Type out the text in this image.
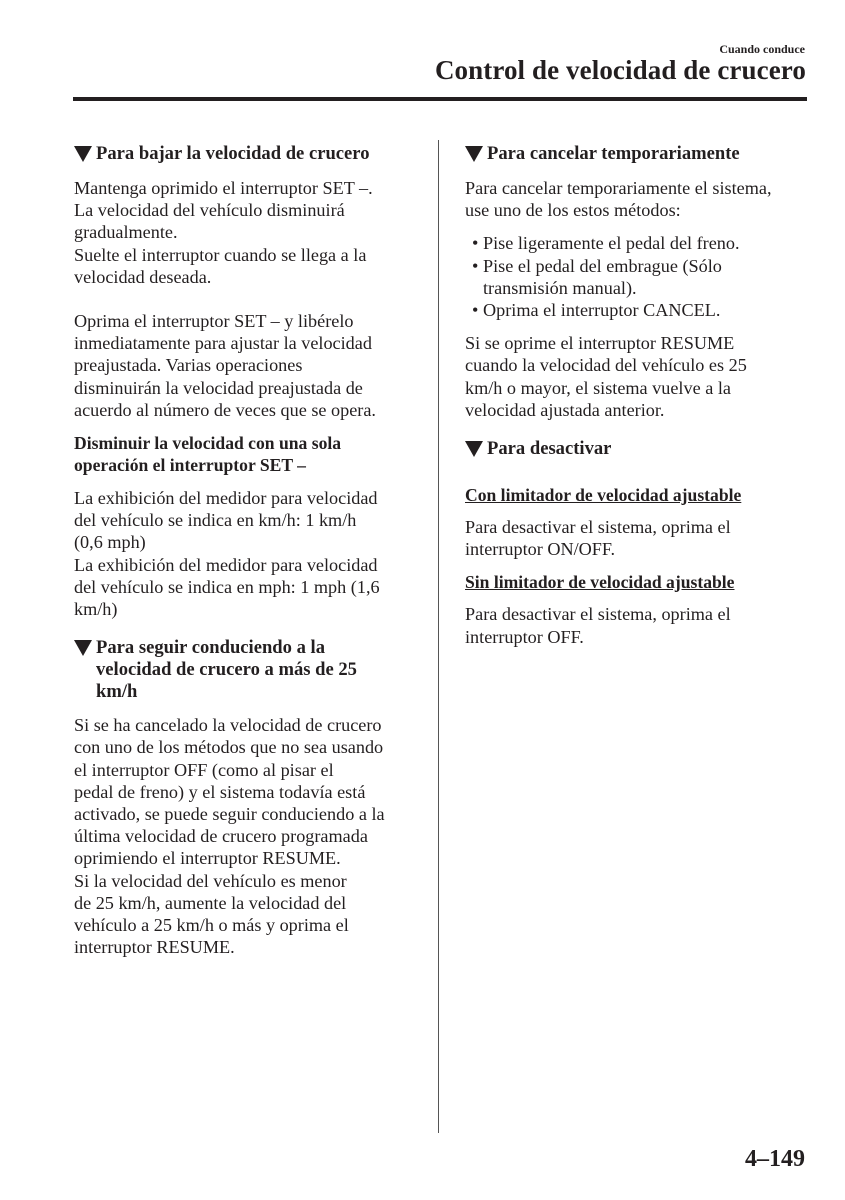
Cuando conduce
Control de velocidad de crucero
Para bajar la velocidad de crucero

Mantenga oprimido el interruptor SET –.
La velocidad del vehículo disminuirá
gradualmente.
Suelte el interruptor cuando se llega a la
velocidad deseada.

Oprima el interruptor SET – y libérelo
inmediatamente para ajustar la velocidad
preajustada. Varias operaciones
disminuirán la velocidad preajustada de
acuerdo al número de veces que se opera.

Disminuir la velocidad con una sola
operación el interruptor SET –

La exhibición del medidor para velocidad
del vehículo se indica en km/h: 1 km/h
(0,6 mph)
La exhibición del medidor para velocidad
del vehículo se indica en mph: 1 mph (1,6
km/h)

Para seguir conduciendo a la
velocidad de crucero a más de 25
km/h

Si se ha cancelado la velocidad de crucero
con uno de los métodos que no sea usando
el interruptor OFF (como al pisar el
pedal de freno) y el sistema todavía está
activado, se puede seguir conduciendo a la
última velocidad de crucero programada
oprimiendo el interruptor RESUME.
Si la velocidad del vehículo es menor
de 25 km/h, aumente la velocidad del
vehículo a 25 km/h o más y oprima el
interruptor RESUME.

Para cancelar temporariamente

Para cancelar temporariamente el sistema,
use uno de los estos métodos:

• Pise ligeramente el pedal del freno.

• Pise el pedal del embrague (Sólo
transmisión manual).

• Oprima el interruptor CANCEL.

Si se oprime el interruptor RESUME
cuando la velocidad del vehículo es 25
km/h o mayor, el sistema vuelve a la
velocidad ajustada anterior.

Para desactivar

Con limitador de velocidad ajustable

Para desactivar el sistema, oprima el
interruptor ON/OFF.

Sin limitador de velocidad ajustable

Para desactivar el sistema, oprima el
interruptor OFF.

4–149
